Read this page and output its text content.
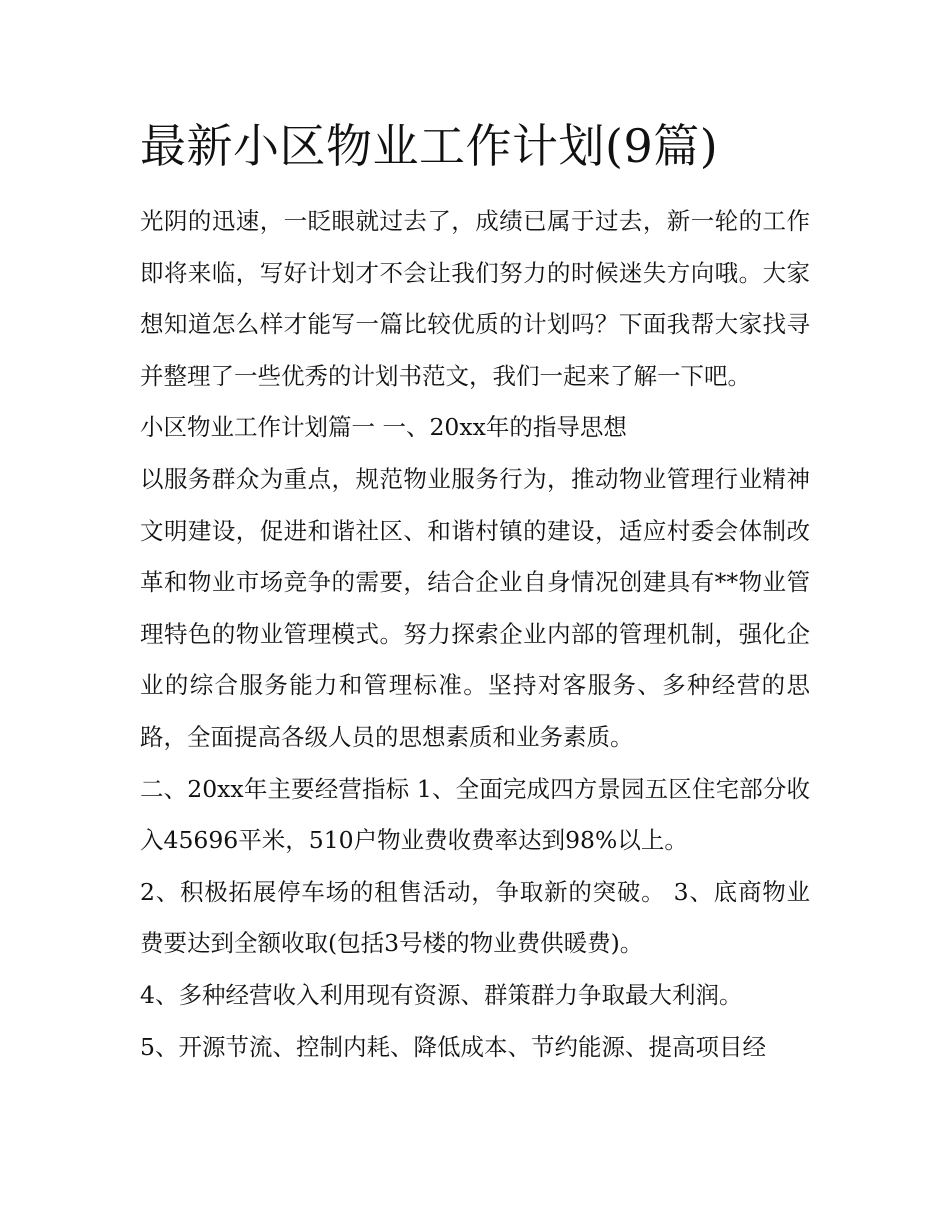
最新小区物业工作计划(9篇)

光阴的迅速，一眨眼就过去了，成绩已属于过去，新一轮的工作即将来临，写好计划才不会让我们努力的时候迷失方向哦。大家想知道怎么样才能写一篇比较优质的计划吗？下面我帮大家找寻并整理了一些优秀的计划书范文，我们一起来了解一下吧。

小区物业工作计划篇一 一、20xx年的指导思想

以服务群众为重点，规范物业服务行为，推动物业管理行业精神文明建设，促进和谐社区、和谐村镇的建设，适应村委会体制改革和物业市场竞争的需要，结合企业自身情况创建具有**物业管理特色的物业管理模式。努力探索企业内部的管理机制，强化企业的综合服务能力和管理标准。坚持对客服务、多种经营的思路，全面提高各级人员的思想素质和业务素质。

二、20xx年主要经营指标 1、全面完成四方景园五区住宅部分收入45696平米，510户物业费收费率达到98%以上。

2、积极拓展停车场的租售活动，争取新的突破。 3、底商物业费要达到全额收取(包括3号楼的物业费供暖费)。

4、多种经营收入利用现有资源、群策群力争取最大利润。

5、开源节流、控制内耗、降低成本、节约能源、提高项目经
